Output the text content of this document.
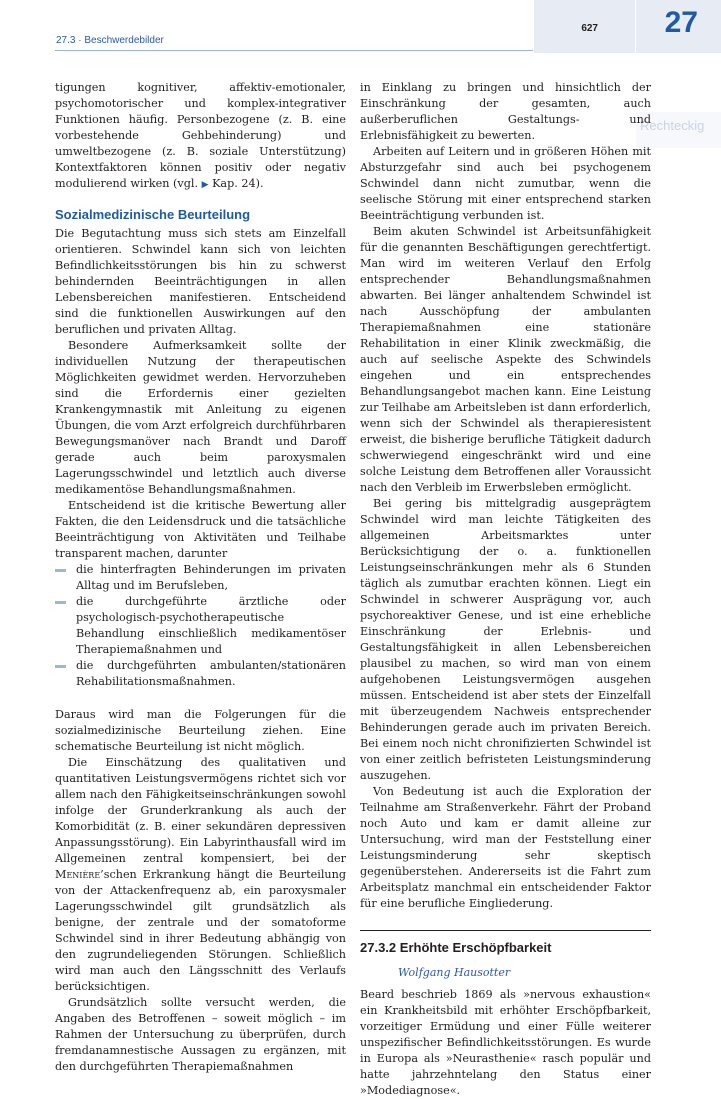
27.3 · Beschwerdebilder
627	27
Rechteckig

tigungen kognitiver, affektiv-emotionaler, psychomotorischer und komplex-integrativer Funktionen häufig. Personbezogene (z. B. eine vorbestehende Gehbehinderung) und umweltbezogene (z. B. soziale Unterstützung) Kontextfaktoren können positiv oder negativ modulierend wirken (vgl. ▶ Kap. 24).

Sozialmedizinische Beurteilung

Die Begutachtung muss sich stets am Einzelfall orientieren. Schwindel kann sich von leichten Befindlichkeitsstörungen bis hin zu schwerst behindernden Beeinträchtigungen in allen Lebensbereichen manifestieren. Entscheidend sind die funktionellen Auswirkungen auf den beruflichen und privaten Alltag.

Besondere Aufmerksamkeit sollte der individuellen Nutzung der therapeutischen Möglichkeiten gewidmet werden. Hervorzuheben sind die Erfordernis einer gezielten Krankengymnastik mit Anleitung zu eigenen Übungen, die vom Arzt erfolgreich durchführbaren Bewegungsmanöver nach Brandt und Daroff gerade auch beim paroxysmalen Lagerungsschwindel und letztlich auch diverse medikamentöse Behandlungsmaßnahmen.

Entscheidend ist die kritische Bewertung aller Fakten, die den Leidensdruck und die tatsächliche Beeinträchtigung von Aktivitäten und Teilhabe transparent machen, darunter

die hinterfragten Behinderungen im privaten Alltag und im Berufsleben,
die durchgeführte ärztliche oder psychologisch-psychotherapeutische Behandlung einschließlich medikamentöser Therapiemaßnahmen und
die durchgeführten ambulanten/stationären Rehabilitationsmaßnahmen.

Daraus wird man die Folgerungen für die sozialmedizinische Beurteilung ziehen. Eine schematische Beurteilung ist nicht möglich.

Die Einschätzung des qualitativen und quantitativen Leistungsvermögens richtet sich vor allem nach den Fähigkeitseinschränkungen sowohl infolge der Grunderkrankung als auch der Komorbidität (z. B. einer sekundären depressiven Anpassungsstörung). Ein Labyrinthausfall wird im Allgemeinen zentral kompensiert, bei der Menière’schen Erkrankung hängt die Beurteilung von der Attackenfrequenz ab, ein paroxysmaler Lagerungsschwindel gilt grundsätzlich als benigne, der zentrale und der somatoforme Schwindel sind in ihrer Bedeutung abhängig von den zugrundeliegenden Störungen. Schließlich wird man auch den Längsschnitt des Verlaufs berücksichtigen.

Grundsätzlich sollte versucht werden, die Angaben des Betroffenen – soweit möglich – im Rahmen der Untersuchung zu überprüfen, durch fremdanamnestische Aussagen zu ergänzen, mit den durchgeführten Therapiemaßnahmen

in Einklang zu bringen und hinsichtlich der Einschränkung der gesamten, auch außerberuflichen Gestaltungs- und Erlebnisfähigkeit zu bewerten.

Arbeiten auf Leitern und in größeren Höhen mit Absturzgefahr sind auch bei psychogenem Schwindel dann nicht zumutbar, wenn die seelische Störung mit einer entsprechend starken Beeinträchtigung verbunden ist.

Beim akuten Schwindel ist Arbeitsunfähigkeit für die genannten Beschäftigungen gerechtfertigt. Man wird im weiteren Verlauf den Erfolg entsprechender Behandlungsmaßnahmen abwarten. Bei länger anhaltendem Schwindel ist nach Ausschöpfung der ambulanten Therapiemaßnahmen eine stationäre Rehabilitation in einer Klinik zweckmäßig, die auch auf seelische Aspekte des Schwindels eingehen und ein entsprechendes Behandlungsangebot machen kann. Eine Leistung zur Teilhabe am Arbeitsleben ist dann erforderlich, wenn sich der Schwindel als therapieresistent erweist, die bisherige berufliche Tätigkeit dadurch schwerwiegend eingeschränkt wird und eine solche Leistung dem Betroffenen aller Voraussicht nach den Verbleib im Erwerbsleben ermöglicht.

Bei gering bis mittelgradig ausgeprägtem Schwindel wird man leichte Tätigkeiten des allgemeinen Arbeitsmarktes unter Berücksichtigung der o. a. funktionellen Leistungseinschränkungen mehr als 6 Stunden täglich als zumutbar erachten können. Liegt ein Schwindel in schwerer Ausprägung vor, auch psychoreaktiver Genese, und ist eine erhebliche Einschränkung der Erlebnis- und Gestaltungsfähigkeit in allen Lebensbereichen plausibel zu machen, so wird man von einem aufgehobenen Leistungsvermögen ausgehen müssen. Entscheidend ist aber stets der Einzelfall mit überzeugendem Nachweis entsprechender Behinderungen gerade auch im privaten Bereich. Bei einem noch nicht chronifizierten Schwindel ist von einer zeitlich befristeten Leistungsminderung auszugehen.

Von Bedeutung ist auch die Exploration der Teilnahme am Straßenverkehr. Fährt der Proband noch Auto und kam er damit alleine zur Untersuchung, wird man der Feststellung einer Leistungsminderung sehr skeptisch gegenüberstehen. Andererseits ist die Fahrt zum Arbeitsplatz manchmal ein entscheidender Faktor für eine berufliche Eingliederung.

27.3.2 Erhöhte Erschöpfbarkeit
Wolfgang Hausotter

Beard beschrieb 1869 als »nervous exhaustion« ein Krankheitsbild mit erhöhter Erschöpfbarkeit, vorzeitiger Ermüdung und einer Fülle weiterer unspezifischer Befindlichkeitsstörungen. Es wurde in Europa als »Neurasthenie« rasch populär und hatte jahrzehntelang den Status einer »Modediagnose«.
